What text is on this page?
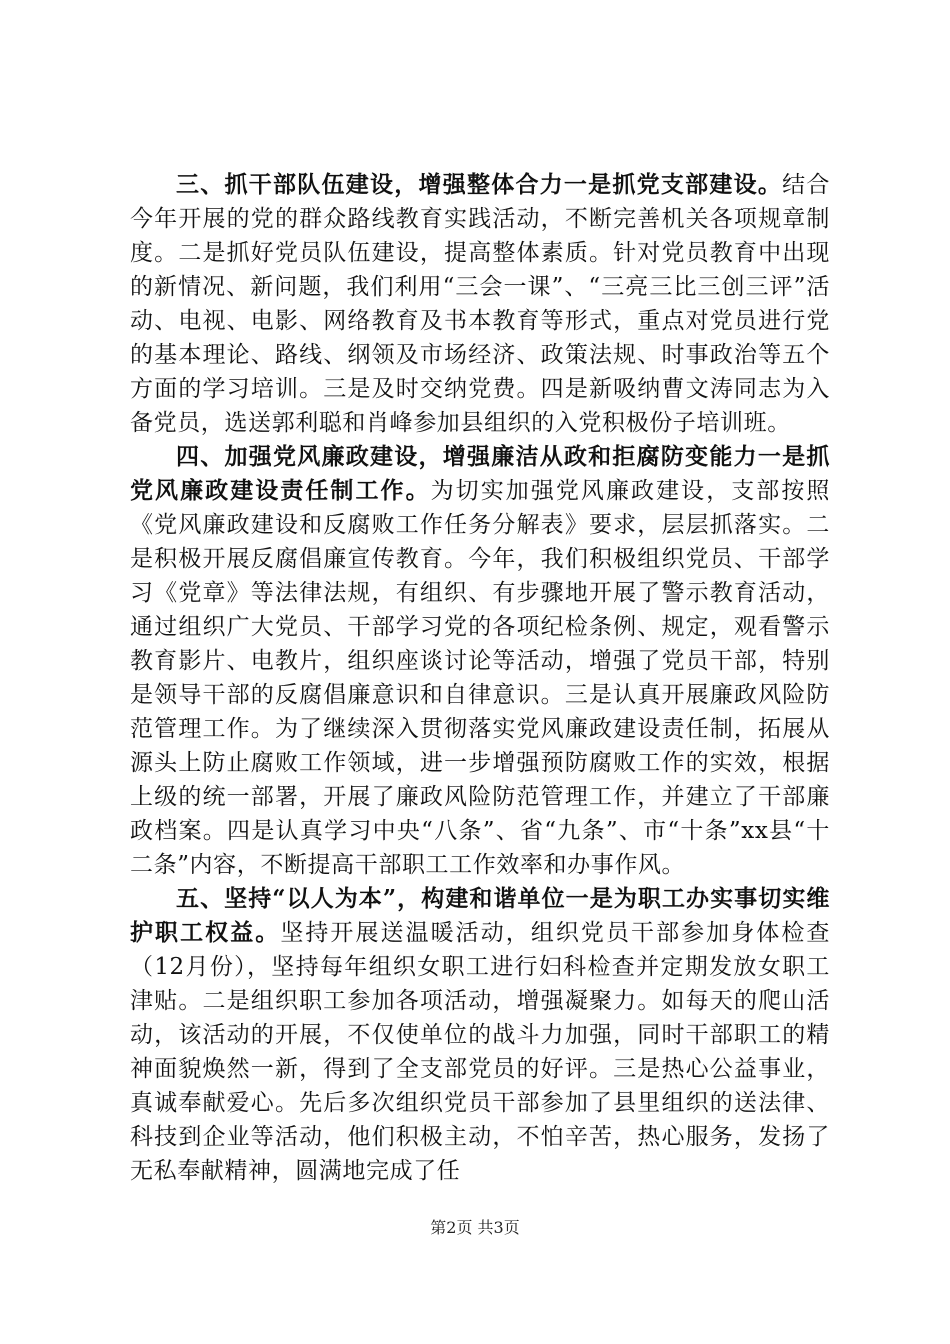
三、抓干部队伍建设，增强整体合力一是抓党支部建设。结合今年开展的党的群众路线教育实践活动，不断完善机关各项规章制度。二是抓好党员队伍建设，提高整体素质。针对党员教育中出现的新情况、新问题，我们利用“三会一课”、“三亮三比三创三评”活动、电视、电影、网络教育及书本教育等形式，重点对党员进行党的基本理论、路线、纲领及市场经济、政策法规、时事政治等五个方面的学习培训。三是及时交纳党费。四是新吸纳曹文涛同志为入备党员，选送郭利聪和肖峰参加县组织的入党积极份子培训班。

四、加强党风廉政建设，增强廉洁从政和拒腐防变能力一是抓党风廉政建设责任制工作。为切实加强党风廉政建设，支部按照《党风廉政建设和反腐败工作任务分解表》要求，层层抓落实。二是积极开展反腐倡廉宣传教育。今年，我们积极组织党员、干部学习《党章》等法律法规，有组织、有步骤地开展了警示教育活动，通过组织广大党员、干部学习党的各项纪检条例、规定，观看警示教育影片、电教片，组织座谈讨论等活动，增强了党员干部，特别是领导干部的反腐倡廉意识和自律意识。三是认真开展廉政风险防范管理工作。为了继续深入贯彻落实党风廉政建设责任制，拓展从源头上防止腐败工作领域，进一步增强预防腐败工作的实效，根据上级的统一部署，开展了廉政风险防范管理工作，并建立了干部廉政档案。四是认真学习中央“八条”、省“九条”、市“十条”xx县“十二条”内容，不断提高干部职工工作效率和办事作风。

五、坚持“以人为本”，构建和谐单位一是为职工办实事切实维护职工权益。坚持开展送温暖活动，组织党员干部参加身体检查（12月份），坚持每年组织女职工进行妇科检查并定期发放女职工津贴。二是组织职工参加各项活动，增强凝聚力。如每天的爬山活动，该活动的开展，不仅使单位的战斗力加强，同时干部职工的精神面貌焕然一新，得到了全支部党员的好评。三是热心公益事业，真诚奉献爱心。先后多次组织党员干部参加了县里组织的送法律、科技到企业等活动，他们积极主动，不怕辛苦，热心服务，发扬了无私奉献精神，圆满地完成了任

第2页 共3页
